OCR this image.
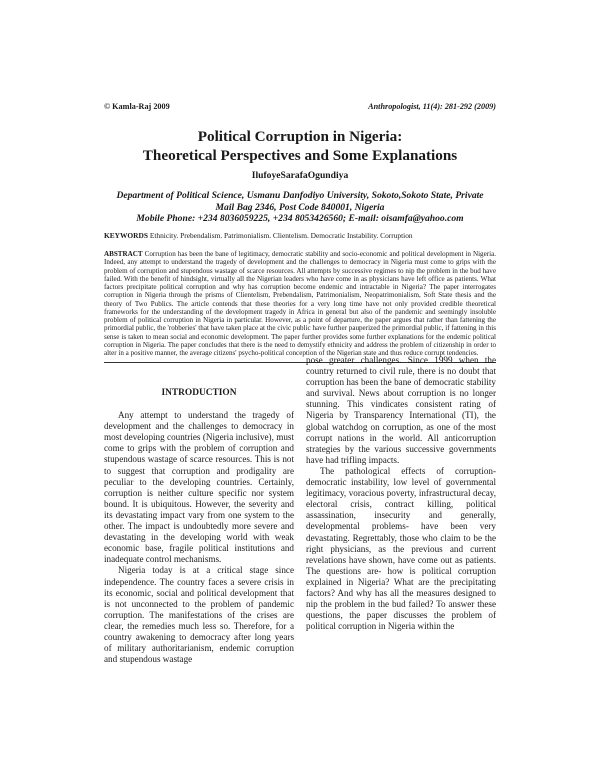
© Kamla-Raj 2009	Anthropologist, 11(4): 281-292 (2009)
Political Corruption in Nigeria:
Theoretical Perspectives and Some Explanations
IlufoyeSarafaOgundiya
Department of Political Science, Usmanu Danfodiyo University, Sokoto,Sokoto State, Private
Mail Bag 2346, Post Code 840001, Nigeria
Mobile Phone: +234 8036059225, +234 8053426560; E-mail: oisamfa@yahoo.com
KEYWORDS Ethnicity. Prebendalism. Patrimonialism. Clientelism. Democratic Instability. Corruption
ABSTRACT Corruption has been the bane of legitimacy, democratic stability and socio-economic and political development in Nigeria. Indeed, any attempt to understand the tragedy of development and the challenges to democracy in Nigeria must come to grips with the problem of corruption and stupendous wastage of scarce resources. All attempts by successive regimes to nip the problem in the bud have failed. With the benefit of hindsight, virtually all the Nigerian leaders who have come in as physicians have left office as patients. What factors precipitate political corruption and why has corruption become endemic and intractable in Nigeria? The paper interrogates corruption in Nigeria through the prisms of Clientelism, Prebendalism, Patrimonialism, Neopatrimonialism, Soft State thesis and the theory of Two Publics. The article contends that these theories for a very long time have not only provided credible theoretical frameworks for the understanding of the development tragedy in Africa in general but also of the pandemic and seemingly insoluble problem of political corruption in Nigeria in particular. However, as a point of departure, the paper argues that rather than fattening the primordial public, the 'robberies' that have taken place at the civic public have further pauperized the primordial public, if fattening in this sense is taken to mean social and economic development. The paper further provides some further explanations for the endemic political corruption in Nigeria. The paper concludes that there is the need to demystify ethnicity and address the problem of citizenship in order to alter in a positive manner, the average citizens' psycho-political conception of the Nigerian state and thus reduce corrupt tendencies.

INTRODUCTION

Any attempt to understand the tragedy of development and the challenges to democracy in most developing countries (Nigeria inclusive), must come to grips with the problem of corruption and stupendous wastage of scarce resources. This is not to suggest that corruption and prodigality are peculiar to the developing countries. Certainly, corruption is neither culture specific nor system bound. It is ubiquitous. However, the severity and its devastating impact vary from one system to the other. The impact is undoubtedly more severe and devastating in the developing world with weak economic base, fragile political institutions and inadequate control mechanisms.

Nigeria today is at a critical stage since independence. The country faces a severe crisis in its economic, social and political development that is not unconnected to the problem of pandemic corruption. The manifestations of the crises are clear, the remedies much less so. Therefore, for a country awakening to democracy after long years of military authoritarianism, endemic corruption and stupendous wastage

pose greater challenges. Since 1999 when the country returned to civil rule, there is no doubt that corruption has been the bane of democratic stability and survival. News about corruption is no longer stunning. This vindicates consistent rating of Nigeria by Transparency International (TI), the global watchdog on corruption, as one of the most corrupt nations in the world. All anticorruption strategies by the various successive governments have had trifling impacts.

The pathological effects of corruption-democratic instability, low level of governmental legitimacy, voracious poverty, infrastructural decay, electoral crisis, contract killing, political assassination, insecurity and generally, developmental problems- have been very devastating. Regrettably, those who claim to be the right physicians, as the previous and current revelations have shown, have come out as patients. The questions are- how is political corruption explained in Nigeria? What are the precipitating factors? And why has all the measures designed to nip the problem in the bud failed? To answer these questions, the paper discusses the problem of political corruption in Nigeria within the
